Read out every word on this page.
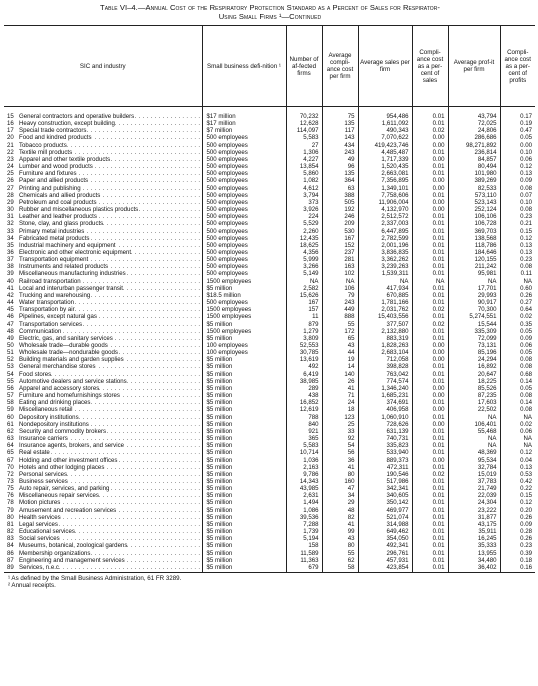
Table VI–4.—Annual Cost of the Respiratory Protection Standard as a Percent of Sales for Respirator-
Using Small Firms ¹—Continued
SIC and industry		Small business defi-nition ¹	Number of af-fected firms	Average compli-ance cost per firm	Average sales per firm	Compli-ance cost as a per-cent of sales	Average prof-it per firm	Compli-ance cost as a per-cent of profits
15	General contractors and operative builders . . .	$17 million	70,232	75	954,486	0.01	43,794	0.17
16	Heavy construction, except building . . .	$17 million	12,628	135	1,611,092	0.01	72,025	0.19
17	Special trade contractors . . .	$7 million	114,097	117	490,343	0.02	24,806	0.47
20	Food and kindred products . . .	500 employees	5,583	143	7,070,622	0.00	286,686	0.05
21	Tobacco products . . .	500 employees	27	434	419,423,746	0.00	98,271,892	0.00
22	Textile mill products . . .	500 employees	1,306	243	4,485,487	0.01	236,814	0.10
23	Apparel and other textile products . . .	500 employees	4,227	49	1,717,339	0.00	84,857	0.06
24	Lumber and wood products . . .	500 employees	13,854	96	1,520,435	0.01	80,494	0.12
25	Furniture and fixtures . . .	500 employees	5,860	135	2,663,081	0.01	101,980	0.13
26	Paper and allied products . . .	500 employees	1,082	364	7,356,895	0.00	389,269	0.09
27	Printing and publishing . . .	500 employees	4,612	63	1,349,101	0.00	82,533	0.08
28	Chemicals and allied products . . .	500 employees	3,794	388	7,758,606	0.01	573,110	0.07
29	Petroleum and coal products . . .	500 employees	373	505	11,906,004	0.00	523,143	0.10
30	Rubber and miscellaneous plastics products . . .	500 employees	3,926	192	4,132,970	0.00	252,124	0.08
31	Leather and leather products . . .	500 employees	224	246	2,512,572	0.01	106,106	0.23
32	Stone, clay, and glass products . . .	500 employees	5,529	209	2,337,003	0.01	106,728	0.21
33	Primary metal industries . . .	500 employees	2,260	530	6,447,895	0.01	369,703	0.15
34	Fabricated metal products . . .	500 employees	12,435	167	2,782,599	0.01	138,568	0.12
35	Industrial machinery and equipment . . .	500 employees	18,625	152	2,001,196	0.01	118,786	0.13
36	Electronic and other electronic equipment . . .	500 employees	4,356	237	3,836,835	0.01	184,646	0.13
37	Transportation equipment . . .	500 employees	5,999	281	3,362,262	0.01	120,155	0.23
38	Instruments and related products . . .	500 employees	3,266	163	3,239,263	0.01	211,242	0.08
39	Miscellaneous manufacturing industries . . .	500 employees	5,149	102	1,539,311	0.01	95,981	0.11
40	Railroad transportation . . .	1500 employees	NA	NA	NA	NA	NA	NA
41	Local and interurban passenger transit . . .	$5 million	2,582	106	417,934	0.01	17,701	0.60
42	Trucking and warehousing . . .	$18.5 million	15,626	79	670,885	0.01	29,993	0.26
44	Water transportation . . .	500 employees	167	243	1,781,166	0.01	90,917	0.27
45	Transportation by air . . .	1500 employees	157	449	2,031,762	0.02	70,300	0.64
46	Pipelines, except natural gas . . .	1500 employees	11	888	15,403,556	0.01	5,274,551	0.02
47	Transportation services . . .	$5 million	879	55	377,507	0.02	15,544	0.35
48	Communication . . .	1500 employees	1,279	172	2,132,880	0.01	335,309	0.05
49	Electric, gas, and sanitary services . . .	$5 million	3,809	65	883,319	0.01	72,099	0.09
50	Wholesale trade—durable goods . . .	100 employees	52,553	43	1,828,263	0.00	73,131	0.06
51	Wholesale trade—nondurable goods . . .	100 employees	30,785	44	2,683,104	0.00	85,196	0.05
52	Building materials and garden supplies . . .	$5 million	13,619	19	712,058	0.00	24,294	0.08
53	General merchandise stores . . .	$5 million	492	14	398,828	0.01	16,892	0.08
54	Food stores . . .	$5 million	6,419	140	763,042	0.01	20,647	0.68
55	Automotive dealers and service stations . . .	$5 million	38,985	26	774,574	0.01	18,225	0.14
56	Apparel and accessory stores . . .	$5 million	289	41	1,346,240	0.00	85,526	0.05
57	Furniture and homefurnishings stores . . .	$5 million	438	71	1,685,231	0.00	87,235	0.08
58	Eating and drinking places . . .	$5 million	16,852	24	374,691	0.01	17,603	0.14
59	Miscellaneous retail . . .	$5 million	12,619	18	406,958	0.00	22,502	0.08
60	Depository institutions . . .	$5 million	788	123	1,060,910	0.01	NA	NA
61	Nondepository institutions . . .	$5 million	840	25	728,626	0.00	106,401	0.02
62	Security and commodity brokers . . .	$5 million	921	33	631,139	0.01	55,468	0.06
63	Insurance carriers . . .	$5 million	365	92	740,731	0.01	NA	NA
64	Insurance agents, brokers, and service . . .	$5 million	5,583	54	335,823	0.01	NA	NA
65	Real estate . . .	$5 million	10,714	56	533,940	0.01	48,369	0.12
67	Holding and other investment offices . . .	$5 million	1,036	36	889,373	0.00	95,534	0.04
70	Hotels and other lodging places . . .	$5 million	2,163	41	472,311	0.01	32,784	0.13
72	Personal services . . .	$5 million	9,786	80	190,546	0.02	15,019	0.53
73	Business services . . .	$5 million	14,343	160	517,986	0.01	37,783	0.42
75	Auto repair, services, and parking . . .	$5 million	43,985	47	342,341	0.01	21,749	0.22
76	Miscellaneous repair services . . .	$5 million	2,631	34	340,605	0.01	22,039	0.15
78	Motion pictures . . .	$5 million	1,494	29	350,142	0.01	24,304	0.12
79	Amusement and recreation services . . .	$5 million	1,086	48	469,977	0.01	23,222	0.20
80	Health services . . .	$5 million	39,536	82	521,074	0.01	31,877	0.26
81	Legal services . . .	$5 million	7,288	41	314,988	0.01	43,175	0.09
82	Educational services . . .	$5 million	1,739	99	649,462	0.01	35,911	0.28
83	Social services . . .	$5 million	5,194	43	354,050	0.01	16,245	0.26
84	Museums, botanical, zoological gardens . . .	$5 million	158	80	492,341	0.01	35,333	0.23
86	Membership organizations . . .	$5 million	11,589	55	296,761	0.01	13,955	0.39
87	Engineering and management services . . .	$5 million	11,363	62	457,931	0.01	34,480	0.18
89	Services, n.e.c . . .	$5 million	679	58	423,854	0.01	36,402	0.16
¹ As defined by the Small Business Administration, 61 FR 3289.
² Annual receipts.
